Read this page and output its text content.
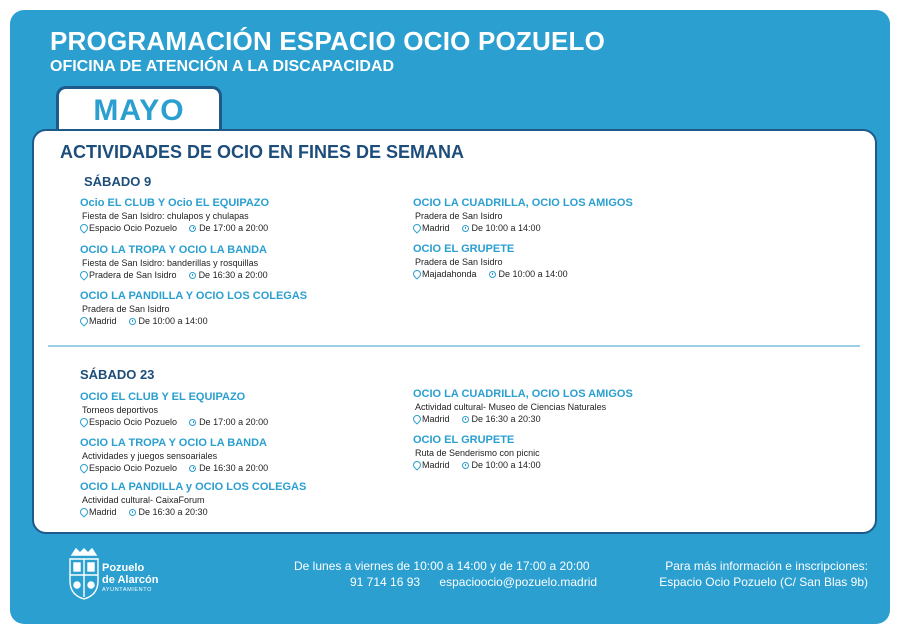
PROGRAMACIÓN ESPACIO OCIO POZUELO
OFICINA DE ATENCIÓN A LA DISCAPACIDAD
MAYO
ACTIVIDADES DE OCIO EN FINES DE SEMANA
SÁBADO 9
Ocio EL CLUB Y Ocio EL EQUIPAZO
Fiesta de San Isidro: chulapos y chulapas
Espacio Ocio Pozuelo De 17:00 a 20:00
OCIO LA TROPA Y OCIO LA BANDA
Fiesta de San Isidro: banderillas y rosquillas
Pradera de San Isidro De 16:30 a 20:00
OCIO LA PANDILLA Y OCIO LOS COLEGAS
Pradera de San Isidro
Madrid De 10:00 a 14:00
OCIO LA CUADRILLA, OCIO LOS AMIGOS
Pradera de San Isidro
Madrid De 10:00 a 14:00
OCIO EL GRUPETE
Pradera de San Isidro
Majadahonda De 10:00 a 14:00
SÁBADO 23
OCIO EL CLUB Y EL EQUIPAZO
Torneos deportivos
Espacio Ocio Pozuelo De 17:00 a 20:00
OCIO LA TROPA Y OCIO LA BANDA
Actividades y juegos sensoariales
Espacio Ocio Pozuelo De 16:30 a 20:00
OCIO LA PANDILLA y OCIO LOS COLEGAS
Actividad cultural- CaixaForum
Madrid De 16:30 a 20:30
OCIO LA CUADRILLA, OCIO LOS AMIGOS
Actividad cultural- Museo de Ciencias Naturales
Madrid De 16:30 a 20:30
OCIO EL GRUPETE
Ruta de Senderismo con picnic
Madrid De 10:00 a 14:00
Pozuelo
de Alarcón
AYUNTAMIENTO
De lunes a viernes de 10:00 a 14:00 y de 17:00 a 20:00
91 714 16 93 espacioocio@pozuelo.madrid
Para más información e inscripciones:
Espacio Ocio Pozuelo (C/ San Blas 9b)
